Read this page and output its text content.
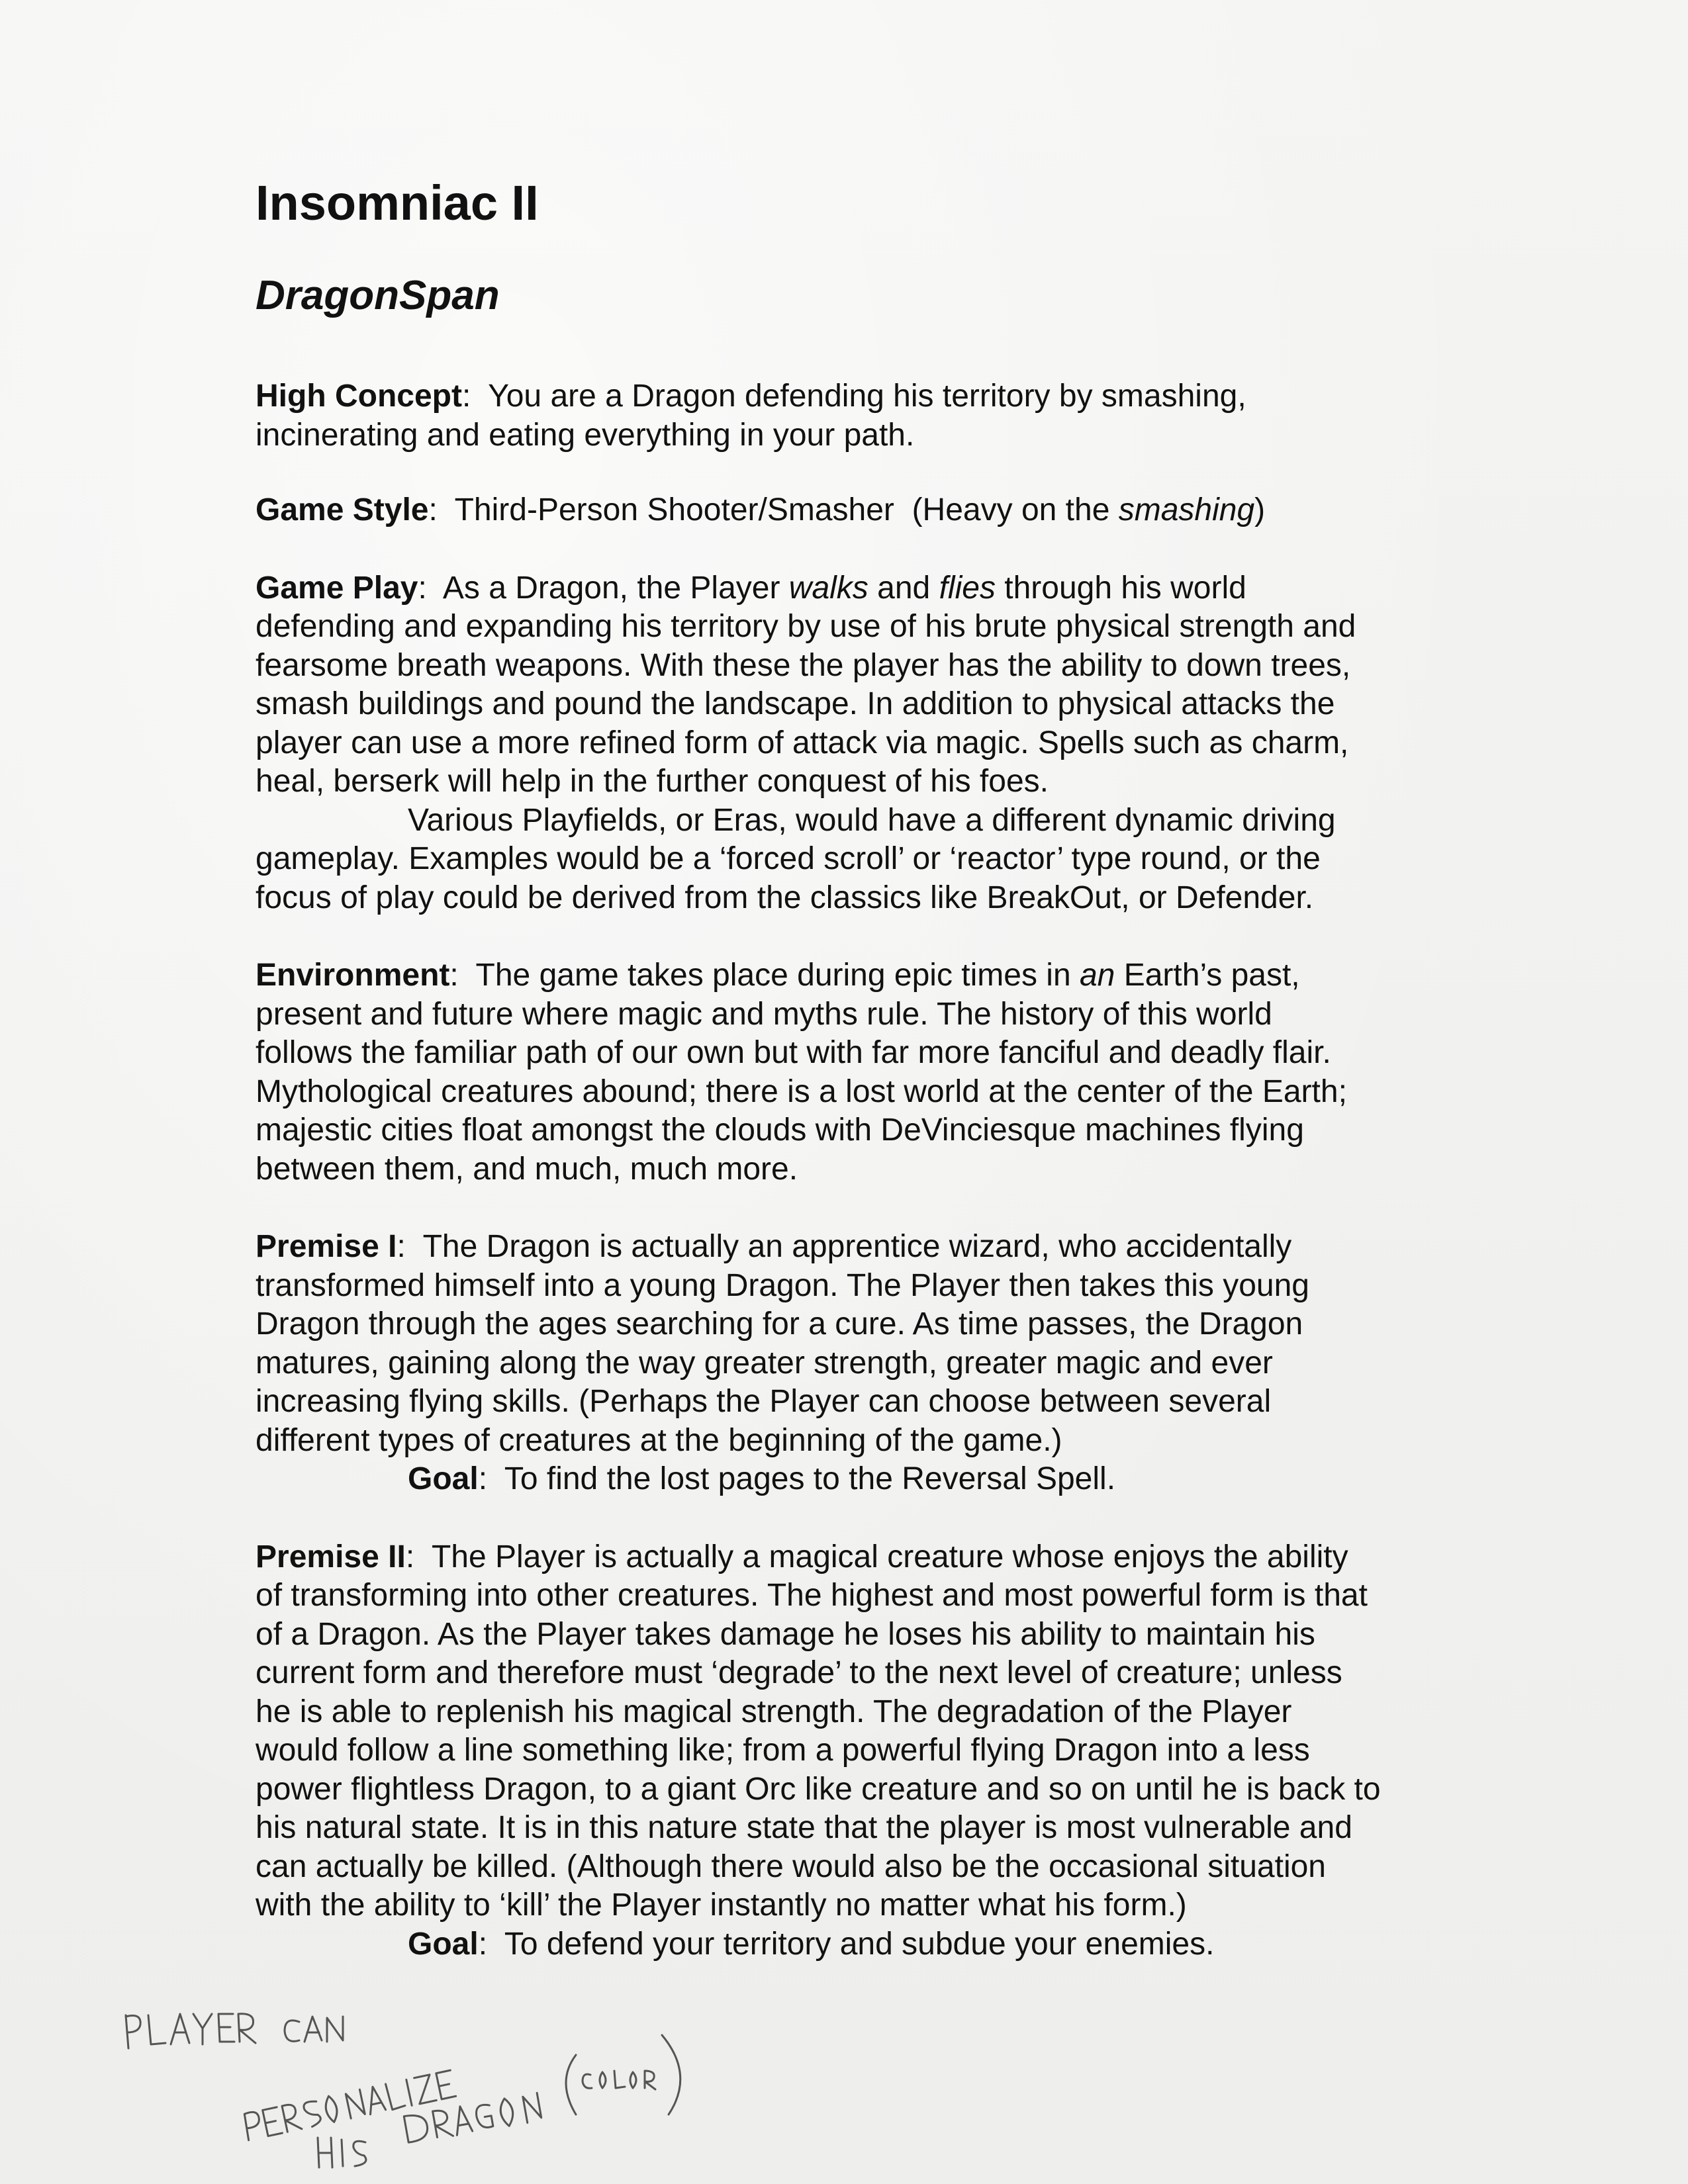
Insomniac II
DragonSpan

High Concept:  You are a Dragon defending his territory by smashing,
incinerating and eating everything in your path.

Game Style:  Third-Person Shooter/Smasher  (Heavy on the smashing)

Game Play:  As a Dragon, the Player walks and flies through his world
defending and expanding his territory by use of his brute physical strength and
fearsome breath weapons. With these the player has the ability to down trees,
smash buildings and pound the landscape. In addition to physical attacks the
player can use a more refined form of attack via magic. Spells such as charm,
heal, berserk will help in the further conquest of his foes.
Various Playfields, or Eras, would have a different dynamic driving
gameplay. Examples would be a ‘forced scroll’ or ‘reactor’ type round, or the
focus of play could be derived from the classics like BreakOut, or Defender.

Environment:  The game takes place during epic times in an Earth’s past,
present and future where magic and myths rule. The history of this world
follows the familiar path of our own but with far more fanciful and deadly flair.
Mythological creatures abound; there is a lost world at the center of the Earth;
majestic cities float amongst the clouds with DeVinciesque machines flying
between them, and much, much more.

Premise I:  The Dragon is actually an apprentice wizard, who accidentally
transformed himself into a young Dragon. The Player then takes this young
Dragon through the ages searching for a cure. As time passes, the Dragon
matures, gaining along the way greater strength, greater magic and ever
increasing flying skills. (Perhaps the Player can choose between several
different types of creatures at the beginning of the game.)
Goal:  To find the lost pages to the Reversal Spell.

Premise II:  The Player is actually a magical creature whose enjoys the ability
of transforming into other creatures. The highest and most powerful form is that
of a Dragon. As the Player takes damage he loses his ability to maintain his
current form and therefore must ‘degrade’ to the next level of creature; unless
he is able to replenish his magical strength. The degradation of the Player
would follow a line something like; from a powerful flying Dragon into a less
power flightless Dragon, to a giant Orc like creature and so on until he is back to
his natural state. It is in this nature state that the player is most vulnerable and
can actually be killed. (Although there would also be the occasional situation
with the ability to ‘kill’ the Player instantly no matter what his form.)
Goal:  To defend your territory and subdue your enemies.
